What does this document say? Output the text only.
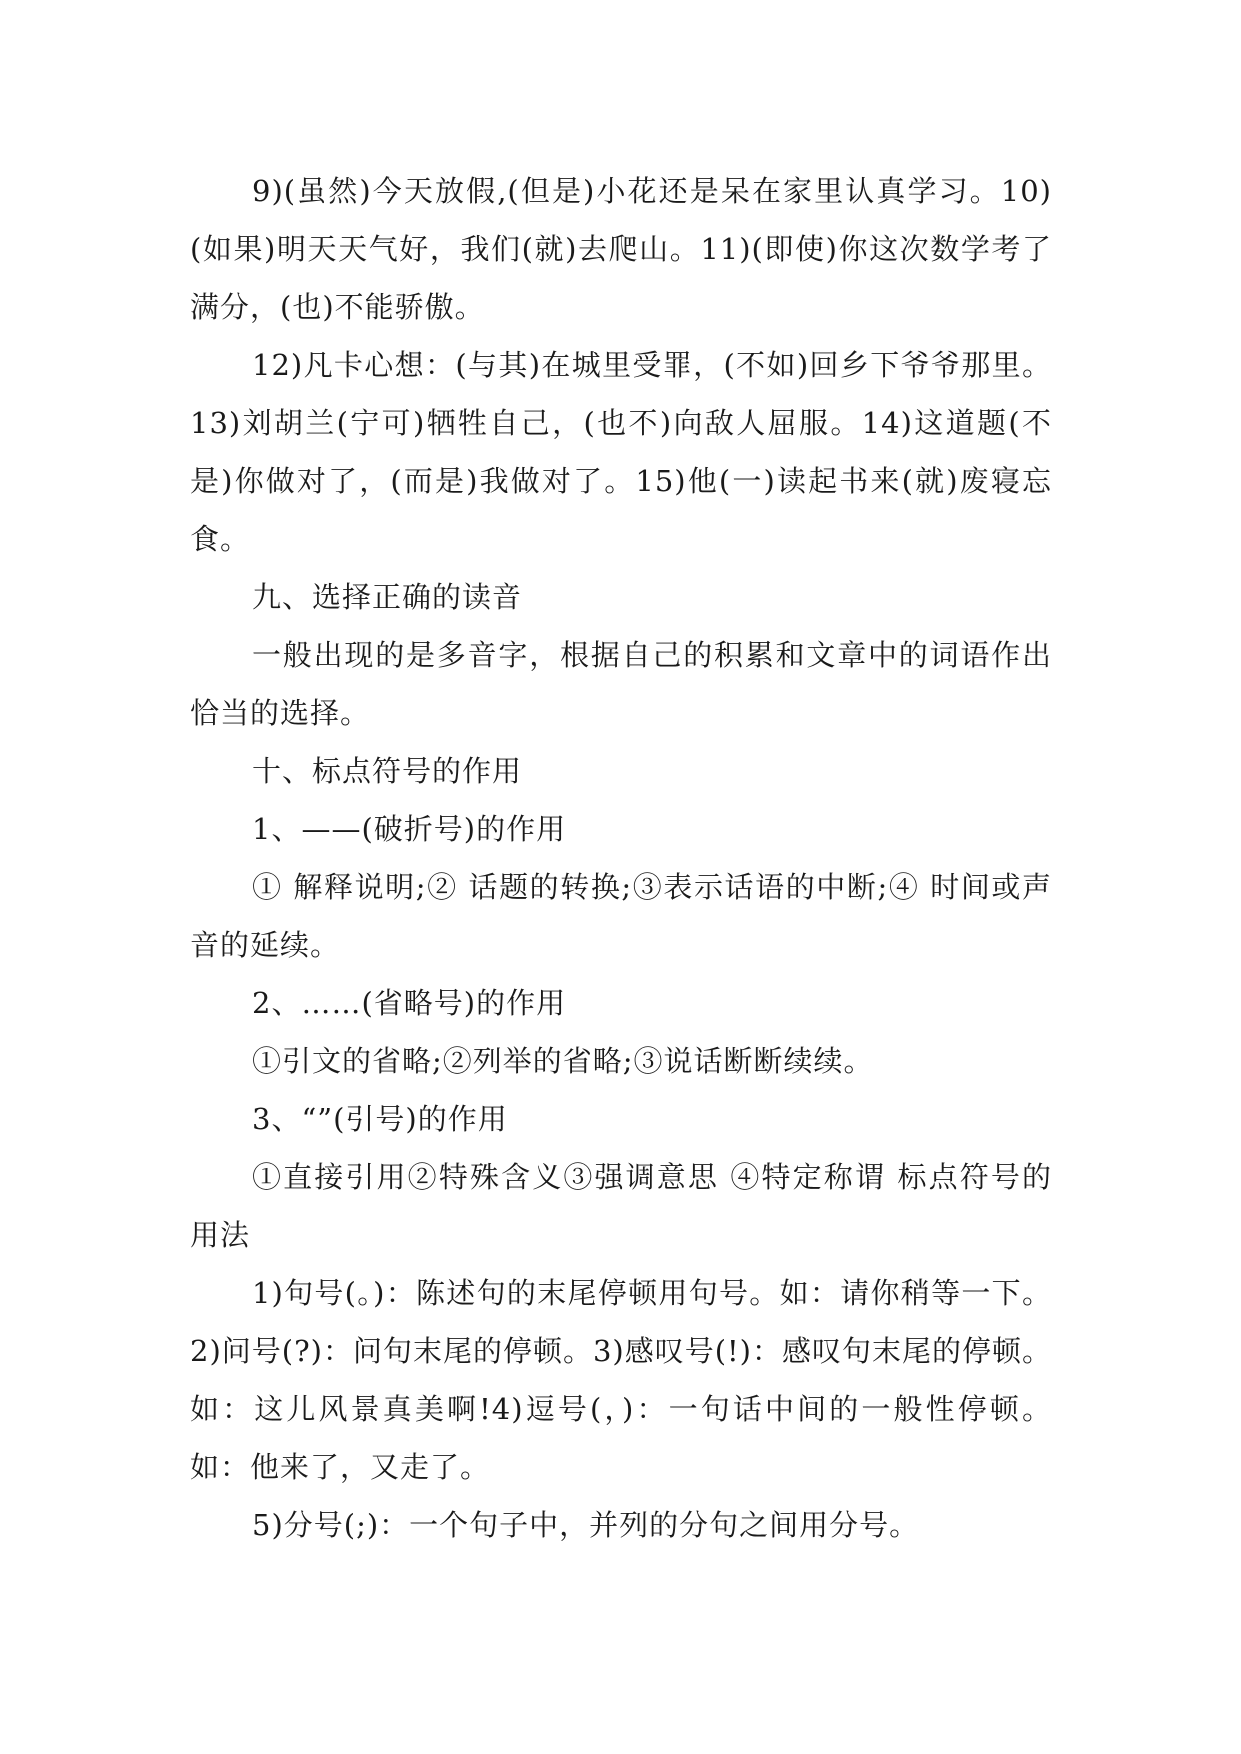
9)(虽然)今天放假,(但是)小花还是呆在家里认真学习。10)(如果)明天天气好，我们(就)去爬山。11)(即使)你这次数学考了满分，(也)不能骄傲。

12)凡卡心想：(与其)在城里受罪，(不如)回乡下爷爷那里。13)刘胡兰(宁可)牺牲自己，(也不)向敌人屈服。14)这道题(不是)你做对了，(而是)我做对了。15)他(一)读起书来(就)废寝忘食。

九、选择正确的读音

一般出现的是多音字，根据自己的积累和文章中的词语作出恰当的选择。

十、标点符号的作用

1、——(破折号)的作用

① 解释说明;② 话题的转换;③表示话语的中断;④ 时间或声音的延续。

2、……(省略号)的作用

①引文的省略;②列举的省略;③说话断断续续。

3、“”(引号)的作用

①直接引用②特殊含义③强调意思 ④特定称谓 标点符号的用法

1)句号(。)：陈述句的末尾停顿用句号。如：请你稍等一下。2)问号(?)：问句末尾的停顿。3)感叹号(!)：感叹句末尾的停顿。如：这儿风景真美啊!4)逗号(，)：一句话中间的一般性停顿。如：他来了，又走了。

5)分号(;)：一个句子中，并列的分句之间用分号。
